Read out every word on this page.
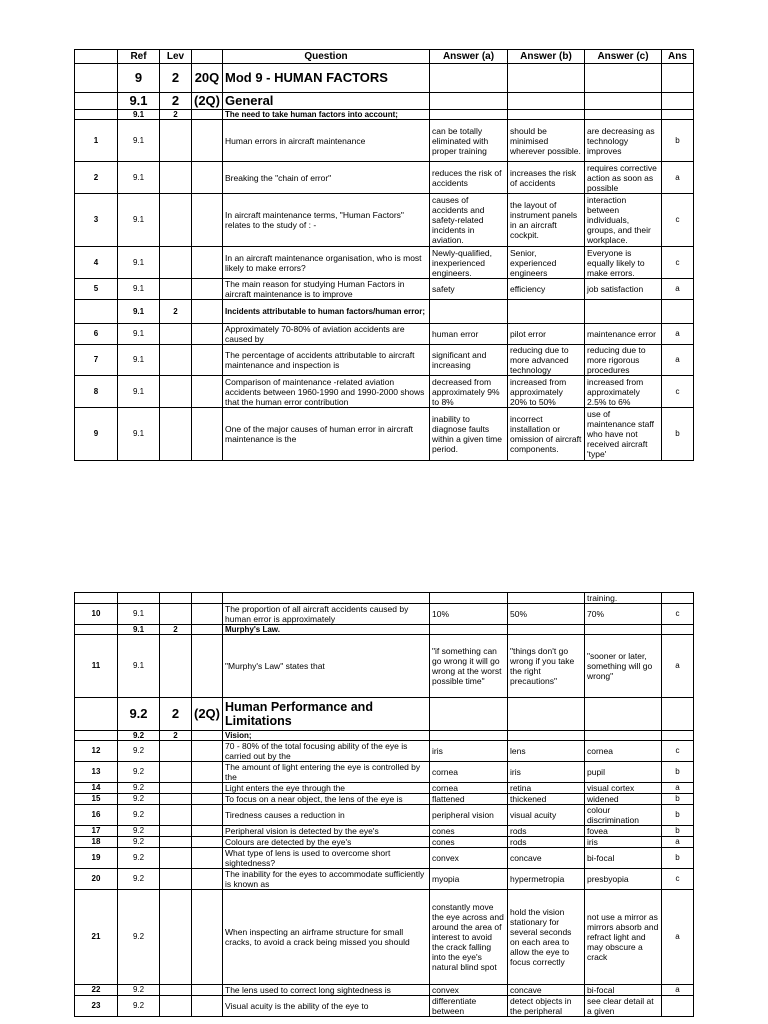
	Ref	Lev		Question	Answer (a)	Answer (b)	Answer (c)	Ans
	9	2	20Q	Mod 9 - HUMAN FACTORS				
	9.1	2	(2Q)	General				
	9.1	2		The need to take human factors into account;				
1	9.1			Human errors in aircraft maintenance	can be totally eliminated with proper training	should be minimised wherever possible.	are decreasing as technology improves	b
2	9.1			Breaking the "chain of error"	reduces the risk of accidents	increases the risk of accidents	requires corrective action as soon as possible	a
3	9.1			In aircraft maintenance terms, "Human Factors" relates to the study of : -	causes of accidents and safety-related incidents in aviation.	the layout of instrument panels in an aircraft cockpit.	interaction between individuals, groups, and their workplace.	c
4	9.1			In an aircraft maintenance organisation, who is most likely to make errors?	Newly-qualified, inexperienced engineers.	Senior, experienced engineers	Everyone is equally likely to make errors.	c
5	9.1			The main reason for studying Human Factors in aircraft maintenance is to improve	safety	efficiency	job satisfaction	a
	9.1	2		Incidents attributable to human factors/human error;				
6	9.1			Approximately 70-80% of aviation accidents are caused by	human error	pilot error	maintenance error	a
7	9.1			The percentage of accidents attributable to aircraft maintenance and inspection is	significant and increasing	reducing due to more advanced technology	reducing due to more rigorous procedures	a
8	9.1			Comparison of maintenance -related aviation accidents between 1960-1990 and 1990-2000 shows that the human error contribution	decreased from approximately 9% to 8%	increased from approximately 20% to 50%	increased from approximately 2.5% to 6%	c
9	9.1			One of the major causes of human error in aircraft maintenance is the	inability to diagnose faults within a given time period.	incorrect installation or omission of aircraft components.	use of maintenance staff who have not received aircraft 'type'	b
							training.	
10	9.1			The proportion of all aircraft accidents caused by human error is approximately	10%	50%	70%	c
	9.1	2		Murphy's Law.				
11	9.1			"Murphy's Law" states that	"if something can go wrong it will go wrong at the worst possible time"	"things don't go wrong if you take the right precautions"	"sooner or later, something will go wrong"	a
	9.2	2	(2Q)	Human Performance and Limitations				
	9.2	2		Vision;				
12	9.2			70 - 80% of the total focusing ability of the eye is carried out by the	iris	lens	cornea	c
13	9.2			The amount of light entering the eye is controlled by the	cornea	iris	pupil	b
14	9.2			Light enters the eye through the	cornea	retina	visual cortex	a
15	9.2			To focus on a near object, the lens of the eye is	flattened	thickened	widened	b
16	9.2			Tiredness causes a reduction in	peripheral vision	visual acuity	colour discrimination	b
17	9.2			Peripheral vision is detected by the eye's	cones	rods	fovea	b
18	9.2			Colours are detected by the eye's	cones	rods	iris	a
19	9.2			What type of lens is used to overcome short sightedness?	convex	concave	bi-focal	b
20	9.2			The inability for the eyes to accommodate sufficiently is known as	myopia	hypermetropia	presbyopia	c
21	9.2			When inspecting an airframe structure for small cracks, to avoid a crack being missed you should	constantly move the eye across and around the area of interest to avoid the crack falling into the eye's natural blind spot	hold the vision stationary for several seconds on each area to allow the eye to focus correctly	not use a mirror as mirrors absorb and refract light and may obscure a crack	a
22	9.2			The lens used to correct long sightedness is	convex	concave	bi-focal	a
23	9.2			Visual acuity is the ability of the eye to	differentiate between	detect objects in the peripheral	see clear detail at a given	
